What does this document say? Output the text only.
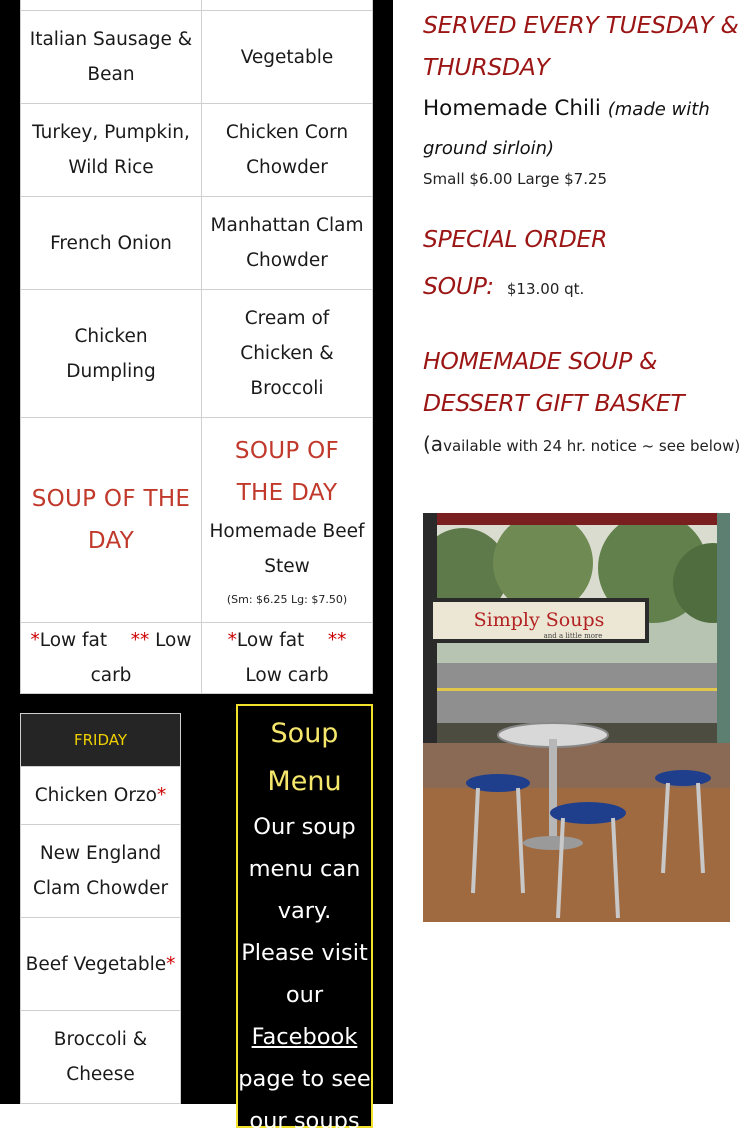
Italian Sausage & Bean	Vegetable
Turkey, Pumpkin, Wild Rice	Chicken Corn Chowder
French Onion	Manhattan Clam Chowder
Chicken Dumpling	Cream of Chicken & Broccoli

SOUP OF THE DAY	SOUP OF THE DAY
Homemade Beef Stew
(Sm: $6.25 Lg: $7.50)

*Low fat ** Low carb	*Low fat ** Low carb
FRIDAY
Chicken Orzo*
New England Clam Chowder
Beef Vegetable*
Broccoli & Cheese
Soup Menu
Our soup menu can vary. Please visit our Facebook page to see our soups
SERVED EVERY TUESDAY & THURSDAY
Homemade Chili (made with ground sirloin)
Small $6.00 Large $7.25
SPECIAL ORDER SOUP: $13.00 qt.
HOMEMADE SOUP & DESSERT GIFT BASKET
(available with 24 hr. notice ~ see below)
Simply Soups
and a little more
